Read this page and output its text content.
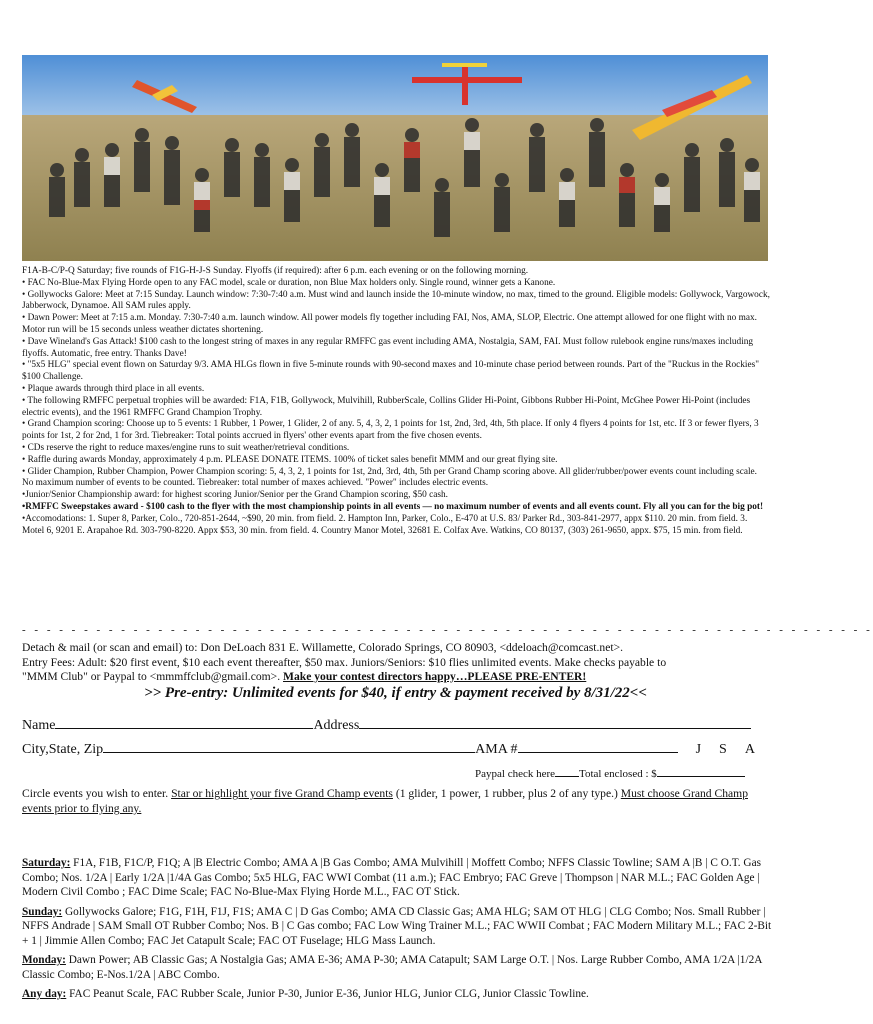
F1A-B-C/P-Q Saturday; five rounds of F1G-H-J-S Sunday. Flyoffs (if required): after 6 p.m. each evening or on the following morning.

• FAC No-Blue-Max Flying Horde open to any FAC model, scale or duration, non Blue Max holders only. Single round, winner gets a Kanone.

• Gollywocks Galore: Meet at 7:15 Sunday. Launch window: 7:30-7:40 a.m. Must wind and launch inside the 10-minute window, no max, timed to the ground. Eligible models: Gollywock, Vargowock, Jabberwock, Dynamoe. All SAM rules apply.

• Dawn Power: Meet at 7:15 a.m. Monday. 7:30-7:40 a.m. launch window. All power models fly together including FAI, Nos, AMA, SLOP, Electric. One attempt allowed for one flight with no max. Motor run will be 15 seconds unless weather dictates shortening.

• Dave Wineland's Gas Attack! $100 cash to the longest string of maxes in any regular RMFFC gas event including AMA, Nostalgia, SAM, FAI. Must follow rulebook engine runs/maxes including flyoffs. Automatic, free entry. Thanks Dave!

• "5x5 HLG" special event flown on Saturday 9/3. AMA HLGs flown in five 5-minute rounds with 90-second maxes and 10-minute chase period between rounds. Part of the "Ruckus in the Rockies" $100 Challenge.

• Plaque awards through third place in all events.

• The following RMFFC perpetual trophies will be awarded: F1A, F1B, Gollywock, Mulvihill, RubberScale, Collins Glider Hi-Point, Gibbons Rubber Hi-Point, McGhee Power Hi-Point (includes electric events), and the 1961 RMFFC Grand Champion Trophy.

• Grand Champion scoring: Choose up to 5 events: 1 Rubber, 1 Power, 1 Glider, 2 of any. 5, 4, 3, 2, 1 points for 1st, 2nd, 3rd, 4th, 5th place. If only 4 flyers 4 points for 1st, etc. If 3 or fewer flyers, 3 points for 1st, 2 for 2nd, 1 for 3rd. Tiebreaker: Total points accrued in flyers' other events apart from the five chosen events.

• CDs reserve the right to reduce maxes/engine runs to suit weather/retrieval conditions.

• Raffle during awards Monday, approximately 4 p.m. PLEASE DONATE ITEMS. 100% of ticket sales benefit MMM and our great flying site.

• Glider Champion, Rubber Champion, Power Champion scoring: 5, 4, 3, 2, 1 points for 1st, 2nd, 3rd, 4th, 5th per Grand Champ scoring above. All glider/rubber/power events count including scale. No maximum number of events to be counted. Tiebreaker: total number of maxes achieved. "Power" includes electric events.

•Junior/Senior Championship award: for highest scoring Junior/Senior per the Grand Champion scoring, $50 cash.

•RMFFC Sweepstakes award - $100 cash to the flyer with the most championship points in all events — no maximum number of events and all events count. Fly all you can for the big pot!

•Accomodations: 1. Super 8, Parker, Colo., 720-851-2644, ~$90, 20 min. from field. 2. Hampton Inn, Parker, Colo., E-470 at U.S. 83/ Parker Rd., 303-841-2977, appx $110. 20 min. from field. 3. Motel 6, 9201 E. Arapahoe Rd. 303-790-8220. Appx $53, 30 min. from field. 4. Country Manor Motel, 32681 E. Colfax Ave. Watkins, CO 80137, (303) 261-9650, appx. $75, 15 min. from field.

- - - - - - - - - - - - - - - - - - - - - - - - - - - - - - - - - - - - - - - - - - - - - - - - - - - - - - - - - - - - - - - - - - - - -

Detach & mail (or scan and email) to: Don DeLoach 831 E. Willamette, Colorado Springs, CO 80903, <ddeloach@comcast.net>.

Entry Fees: Adult: $20 first event, $10 each event thereafter, $50 max. Juniors/Seniors: $10 flies unlimited events. Make checks payable to

"MMM Club" or Paypal to <mmmffclub@gmail.com>. Make your contest directors happy…PLEASE PRE-ENTER!

>> Pre-entry: Unlimited events for $40, if entry & payment received by 8/31/22<<
Name	Address
City,State, Zip	AMA #	J S A
Paypal check here Total enclosed : $

Circle events you wish to enter. Star or highlight your five Grand Champ events (1 glider, 1 power, 1 rubber, plus 2 of any type.) Must choose Grand Champ events prior to flying any.

Saturday: F1A, F1B, F1C/P, F1Q; A |B Electric Combo; AMA A |B Gas Combo; AMA Mulvihill | Moffett Combo; NFFS Classic Towline; SAM A |B | C O.T. Gas Combo; Nos. 1/2A | Early 1/2A |1/4A Gas Combo; 5x5 HLG, FAC WWI Combat (11 a.m.); FAC Embryo; FAC Greve | Thompson | NAR M.L.; FAC Golden Age | Modern Civil Combo ; FAC Dime Scale; FAC No-Blue-Max Flying Horde M.L., FAC OT Stick.

Sunday: Gollywocks Galore; F1G, F1H, F1J, F1S; AMA C | D Gas Combo; AMA CD Classic Gas; AMA HLG; SAM OT HLG | CLG Combo; Nos. Small Rubber | NFFS Andrade | SAM Small OT Rubber Combo; Nos. B | C Gas combo; FAC Low Wing Trainer M.L.; FAC WWII Combat ; FAC Modern Military M.L.; FAC 2-Bit + 1 | Jimmie Allen Combo; FAC Jet Catapult Scale; FAC OT Fuselage; HLG Mass Launch.

Monday: Dawn Power; AB Classic Gas; A Nostalgia Gas; AMA E-36; AMA P-30; AMA Catapult; SAM Large O.T. | Nos. Large Rubber Combo, AMA 1/2A |1/2A Classic Combo; E-Nos.1/2A | ABC Combo.

Any day: FAC Peanut Scale, FAC Rubber Scale, Junior P-30, Junior E-36, Junior HLG, Junior CLG, Junior Classic Towline.
